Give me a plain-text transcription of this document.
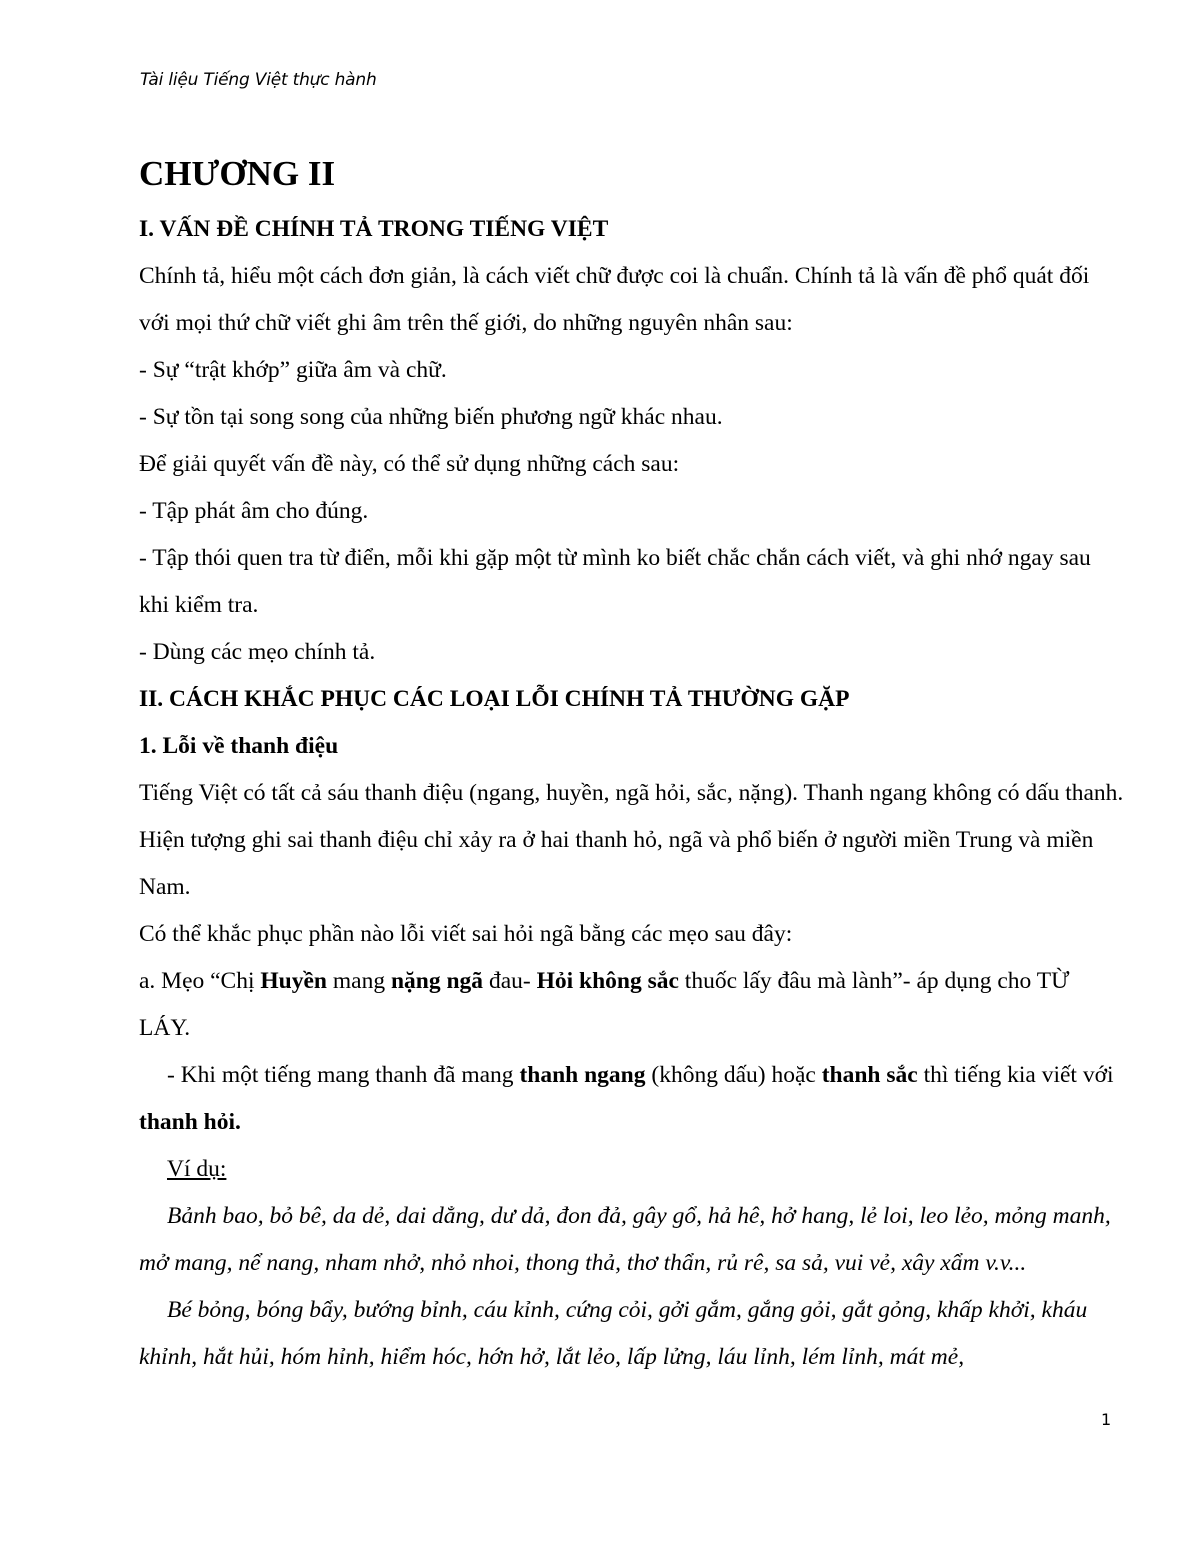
Tài liệu Tiếng Việt thực hành
CHƯƠNG II

I. VẤN ĐỀ CHÍNH TẢ TRONG TIẾNG VIỆT

Chính tả, hiểu một cách đơn giản, là cách viết chữ được coi là chuẩn. Chính tả là vấn đề phổ quát đối với mọi thứ chữ viết ghi âm trên thế giới, do những nguyên nhân sau:

- Sự “trật khớp” giữa âm và chữ.

- Sự tồn tại song song của những biến phương ngữ khác nhau.

Để giải quyết vấn đề này, có thể sử dụng những cách sau:

- Tập phát âm cho đúng.

- Tập thói quen tra từ điển, mỗi khi gặp một từ mình ko biết chắc chắn cách viết, và ghi nhớ ngay sau khi kiểm tra.

- Dùng các mẹo chính tả.

II. CÁCH KHẮC PHỤC CÁC LOẠI LỖI CHÍNH TẢ THƯỜNG GẶP

1. Lỗi về thanh điệu

Tiếng Việt có tất cả sáu thanh điệu (ngang, huyền, ngã hỏi, sắc, nặng). Thanh ngang không có dấu thanh. Hiện tượng ghi sai thanh điệu chỉ xảy ra ở hai thanh hỏ, ngã và phổ biến ở người miền Trung và miền Nam.

Có thể khắc phục phần nào lỗi viết sai hỏi ngã bằng các mẹo sau đây:

a. Mẹo “Chị Huyền mang nặng ngã đau- Hỏi không sắc thuốc lấy đâu mà lành”- áp dụng cho TỪ LÁY.

- Khi một tiếng mang thanh đã mang thanh ngang (không dấu) hoặc thanh sắc thì tiếng kia viết với thanh hỏi.

Ví dụ:

Bảnh bao, bỏ bê, da dẻ, dai dẳng, dư dả, đon đả, gây gổ, hả hê, hở hang, lẻ loi, leo lẻo, mỏng manh, mở mang, nể nang, nham nhở, nhỏ nhoi, thong thả, thơ thẩn, rủ rê, sa sả, vui vẻ, xây xẩm v.v...

Bé bỏng, bóng bẩy, bướng bỉnh, cáu kỉnh, cứng cỏi, gởi gắm, gắng gỏi, gắt gỏng, khấp khởi, kháu khỉnh, hắt hủi, hóm hỉnh, hiểm hóc, hớn hở, lắt lẻo, lấp lửng, láu lỉnh, lém lỉnh, mát mẻ,

1
